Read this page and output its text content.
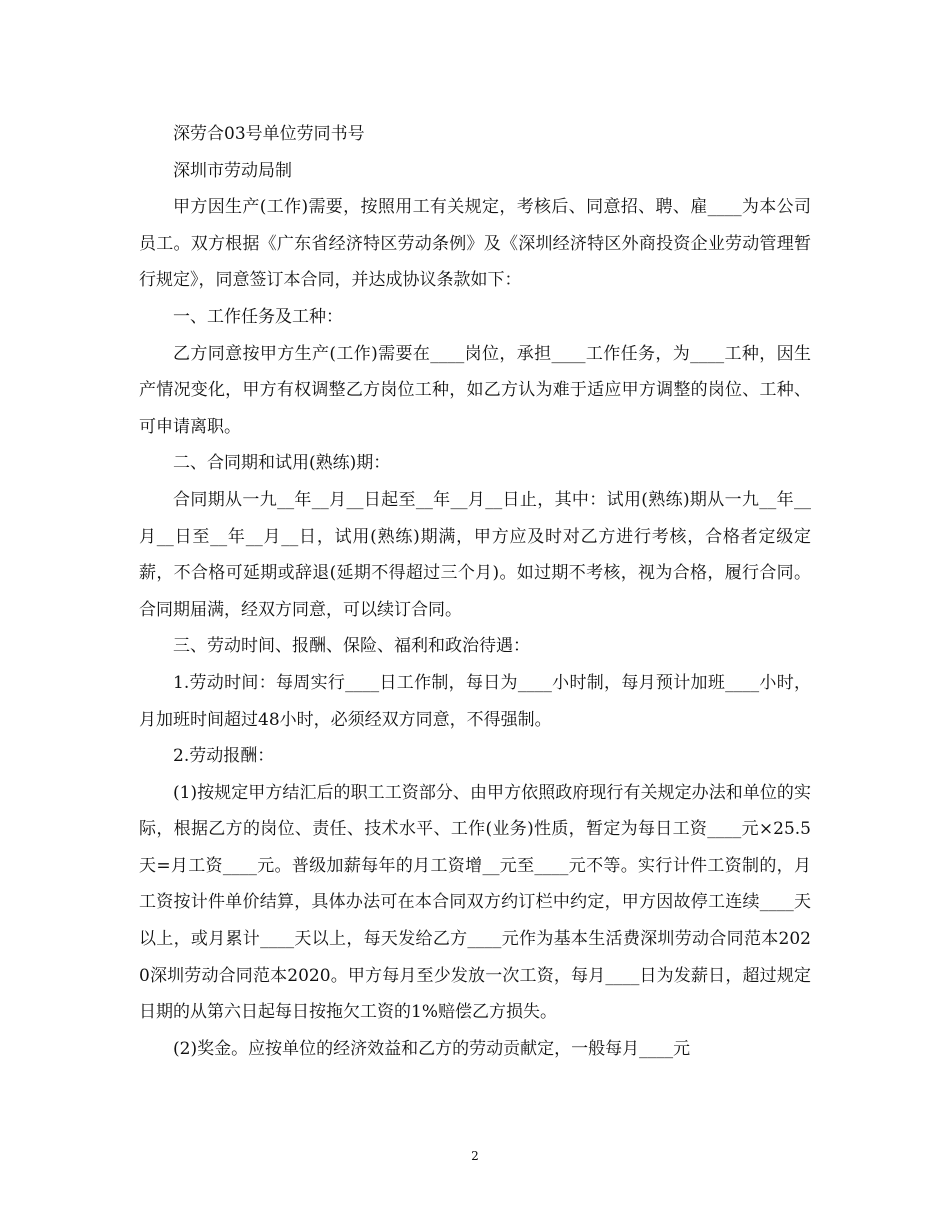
深劳合03号单位劳同书号

深圳市劳动局制

甲方因生产(工作)需要，按照用工有关规定，考核后、同意招、聘、雇____为本公司员工。双方根据《广东省经济特区劳动条例》及《深圳经济特区外商投资企业劳动管理暂行规定》，同意签订本合同，并达成协议条款如下：

一、工作任务及工种：

乙方同意按甲方生产(工作)需要在____岗位，承担____工作任务，为____工种，因生产情况变化，甲方有权调整乙方岗位工种，如乙方认为难于适应甲方调整的岗位、工种、可申请离职。

二、合同期和试用(熟练)期：

合同期从一九__年__月__日起至__年__月__日止，其中：试用(熟练)期从一九__年__月__日至__年__月__日，试用(熟练)期满，甲方应及时对乙方进行考核，合格者定级定薪，不合格可延期或辞退(延期不得超过三个月)。如过期不考核，视为合格，履行合同。合同期届满，经双方同意，可以续订合同。

三、劳动时间、报酬、保险、福利和政治待遇：

1.劳动时间：每周实行____日工作制，每日为____小时制，每月预计加班____小时，月加班时间超过48小时，必须经双方同意，不得强制。

2.劳动报酬：

(1)按规定甲方结汇后的职工工资部分、由甲方依照政府现行有关规定办法和单位的实际，根据乙方的岗位、责任、技术水平、工作(业务)性质，暂定为每日工资____元×25.5天=月工资____元。普级加薪每年的月工资增__元至____元不等。实行计件工资制的，月工资按计件单价结算，具体办法可在本合同双方约订栏中约定，甲方因故停工连续____天以上，或月累计____天以上，每天发给乙方____元作为基本生活费深圳劳动合同范本2020深圳劳动合同范本2020。甲方每月至少发放一次工资，每月____日为发薪日，超过规定日期的从第六日起每日按拖欠工资的1%赔偿乙方损失。

(2)奖金。应按单位的经济效益和乙方的劳动贡献定，一般每月____元

2
